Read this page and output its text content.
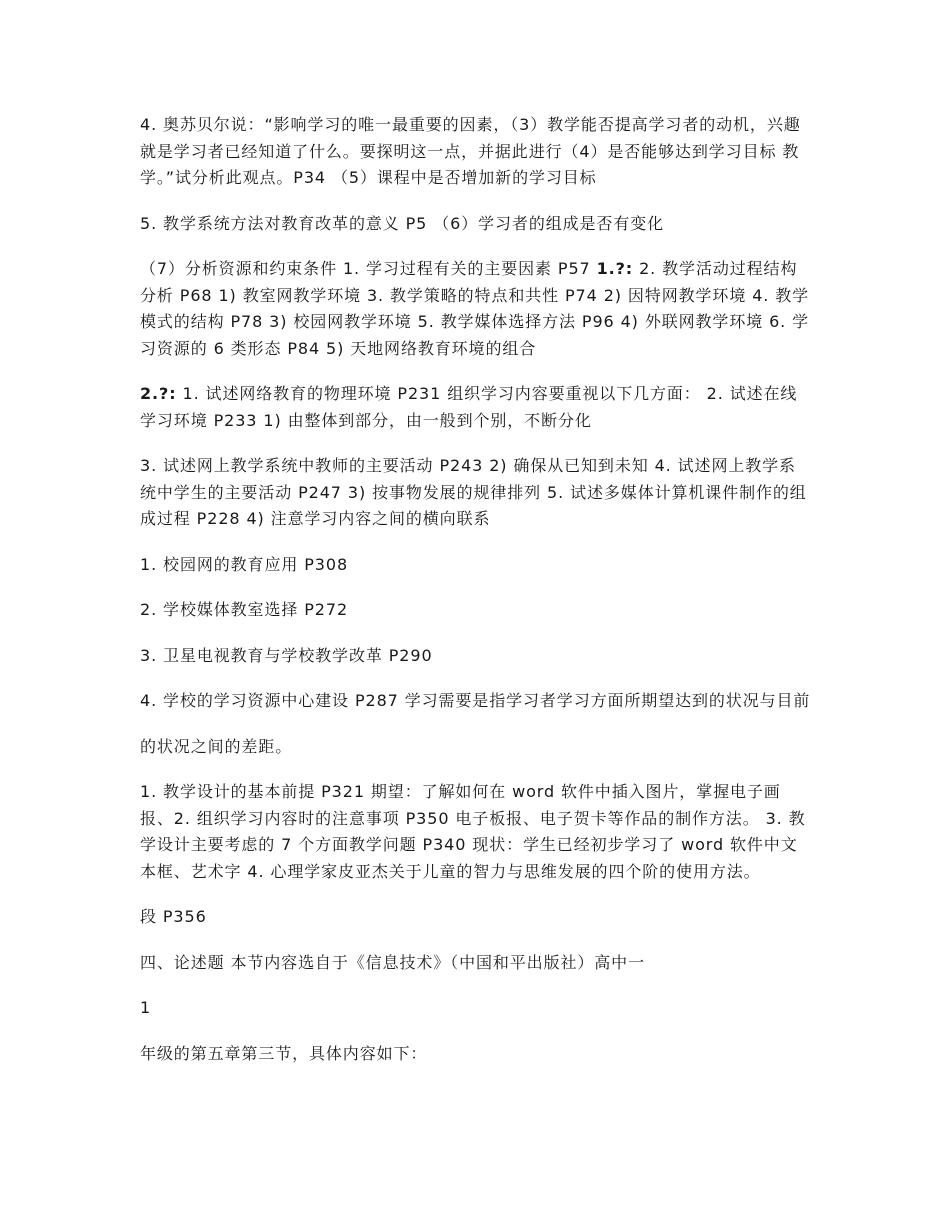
4. 奥苏贝尔说：“影响学习的唯一最重要的因素，（3）教学能否提高学习者的动机，兴趣 就是学习者已经知道了什么。要探明这一点，并据此进行（4）是否能够达到学习目标 教学。”试分析此观点。P34 （5）课程中是否增加新的学习目标

5. 教学系统方法对教育改革的意义 P5 （6）学习者的组成是否有变化

（7）分析资源和约束条件 1. 学习过程有关的主要因素 P57 1.?: 2. 教学活动过程结构分析 P68 1) 教室网教学环境 3. 教学策略的特点和共性 P74 2) 因特网教学环境 4. 教学模式的结构 P78 3) 校园网教学环境 5. 教学媒体选择方法 P96 4) 外联网教学环境 6. 学习资源的 6 类形态 P84 5) 天地网络教育环境的组合

2.?: 1. 试述网络教育的物理环境 P231 组织学习内容要重视以下几方面： 2. 试述在线学习环境 P233 1) 由整体到部分，由一般到个别，不断分化

3. 试述网上教学系统中教师的主要活动 P243 2) 确保从已知到未知 4. 试述网上教学系统中学生的主要活动 P247 3) 按事物发展的规律排列 5. 试述多媒体计算机课件制作的组成过程 P228 4) 注意学习内容之间的横向联系

1. 校园网的教育应用 P308

2. 学校媒体教室选择 P272

3. 卫星电视教育与学校教学改革 P290

4. 学校的学习资源中心建设 P287 学习需要是指学习者学习方面所期望达到的状况与目前

的状况之间的差距。

1. 教学设计的基本前提 P321 期望：了解如何在 word 软件中插入图片，掌握电子画报、2. 组织学习内容时的注意事项 P350 电子板报、电子贺卡等作品的制作方法。 3. 教学设计主要考虑的 7 个方面教学问题 P340 现状：学生已经初步学习了 word 软件中文本框、艺术字 4. 心理学家皮亚杰关于儿童的智力与思维发展的四个阶的使用方法。

段 P356

四、论述题 本节内容选自于《信息技术》（中国和平出版社）高中一

1

年级的第五章第三节，具体内容如下：
